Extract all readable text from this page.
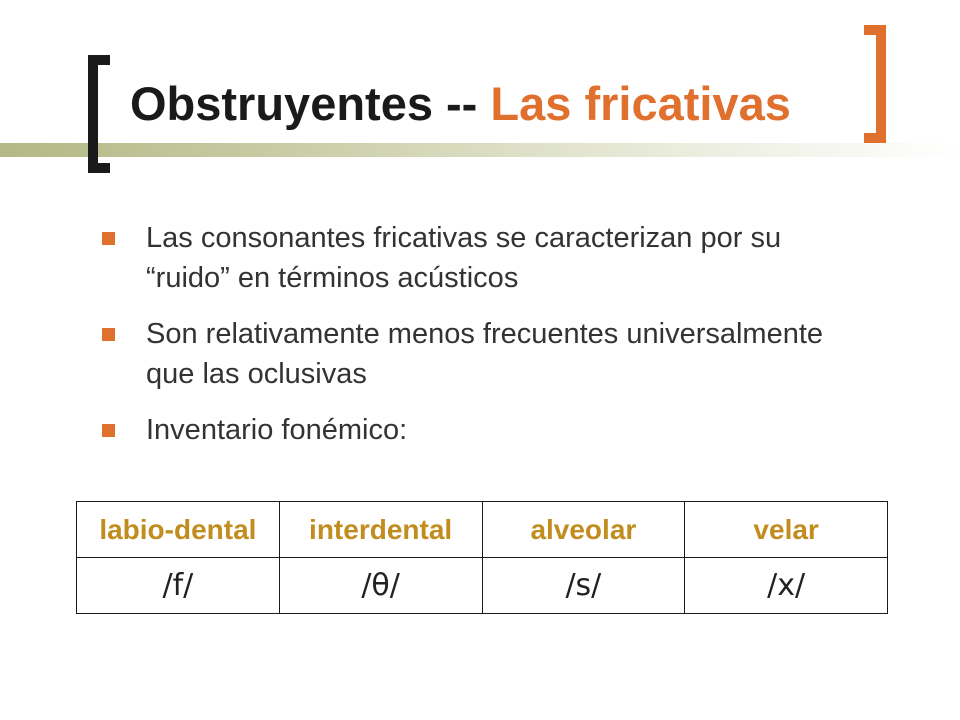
Obstruyentes -- Las fricativas
Las consonantes fricativas se caracterizan por su “ruido” en términos acústicos
Son relativamente menos frecuentes universalmente que las oclusivas
Inventario fonémico:
labio-dental	interdental	alveolar	velar
/f/	/θ/	/s/	/x/
